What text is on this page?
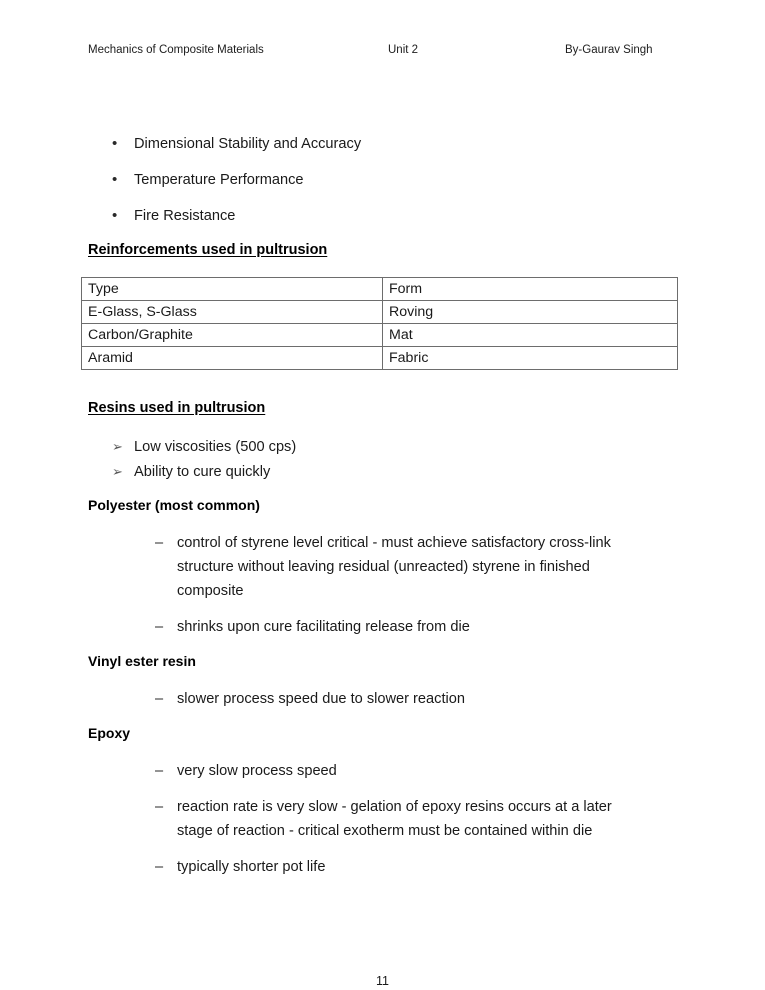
Mechanics of Composite Materials	Unit 2	By-Gaurav Singh
•	Dimensional Stability and Accuracy
•	Temperature Performance
•	Fire Resistance
Reinforcements used in pultrusion
Type	Form
E-Glass, S-Glass	Roving
Carbon/Graphite	Mat
Aramid	Fabric
Resins used in pultrusion
➢ Low viscosities (500 cps)
➢ Ability to cure quickly
Polyester (most common)
– control of styrene level critical - must achieve satisfactory cross-link structure without leaving residual (unreacted) styrene in finished composite
– shrinks upon cure facilitating release from die
Vinyl ester resin
– slower process speed due to slower reaction
Epoxy
– very slow process speed
– reaction rate is very slow - gelation of epoxy resins occurs at a later stage of reaction - critical exotherm must be contained within die
– typically shorter pot life
11
